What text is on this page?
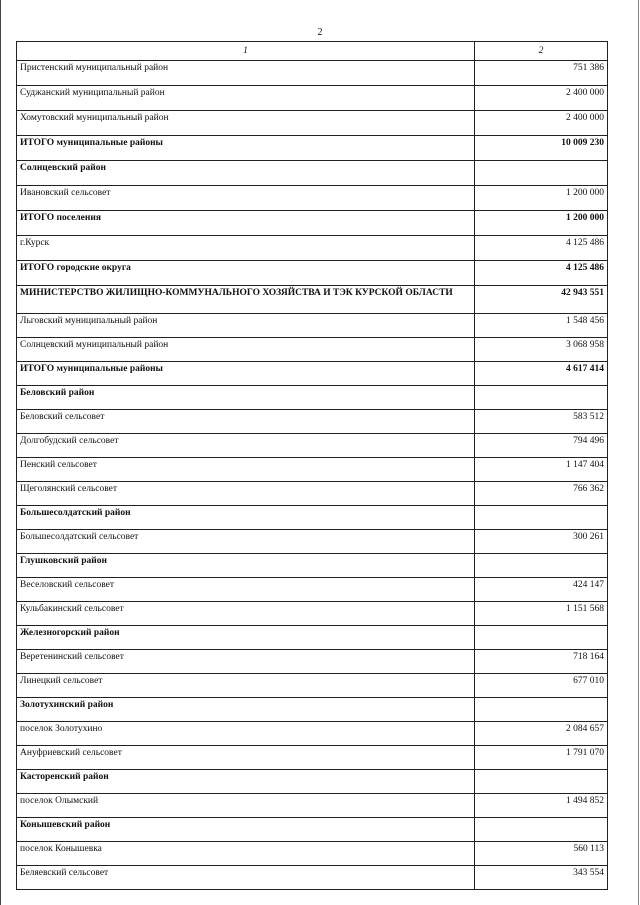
2
1	2
Пристенский муниципальный район	751 386
Суджанский муниципальный район	2 400 000
Хомутовский муниципальный район	2 400 000
ИТОГО муниципальные районы	10 009 230
Солнцевский район	
Ивановский сельсовет	1 200 000
ИТОГО поселения	1 200 000
г.Курск	4 125 486
ИТОГО городские округа	4 125 486
МИНИСТЕРСТВО ЖИЛИЩНО-КОММУНАЛЬНОГО ХОЗЯЙСТВА И ТЭК КУРСКОЙ ОБЛАСТИ	42 943 551
Льговский муниципальный район	1 548 456
Солнцевский муниципальный район	3 068 958
ИТОГО муниципальные районы	4 617 414
Беловский район	
Беловский сельсовет	583 512
Долгобудский сельсовет	794 496
Пенский сельсовет	1 147 404
Щеголянский сельсовет	766 362
Большесолдатский район	
Большесолдатский сельсовет	300 261
Глушковский район	
Веселовский сельсовет	424 147
Кульбакинский сельсовет	1 151 568
Железногорский район	
Веретенинский сельсовет	718 164
Линецкий сельсовет	677 010
Золотухинский район	
поселок Золотухино	2 084 657
Ануфриевский сельсовет	1 791 070
Касторенский район	
поселок Олымский	1 494 852
Конышевский район	
поселок Конышевка	560 113
Беляевский сельсовет	343 554
